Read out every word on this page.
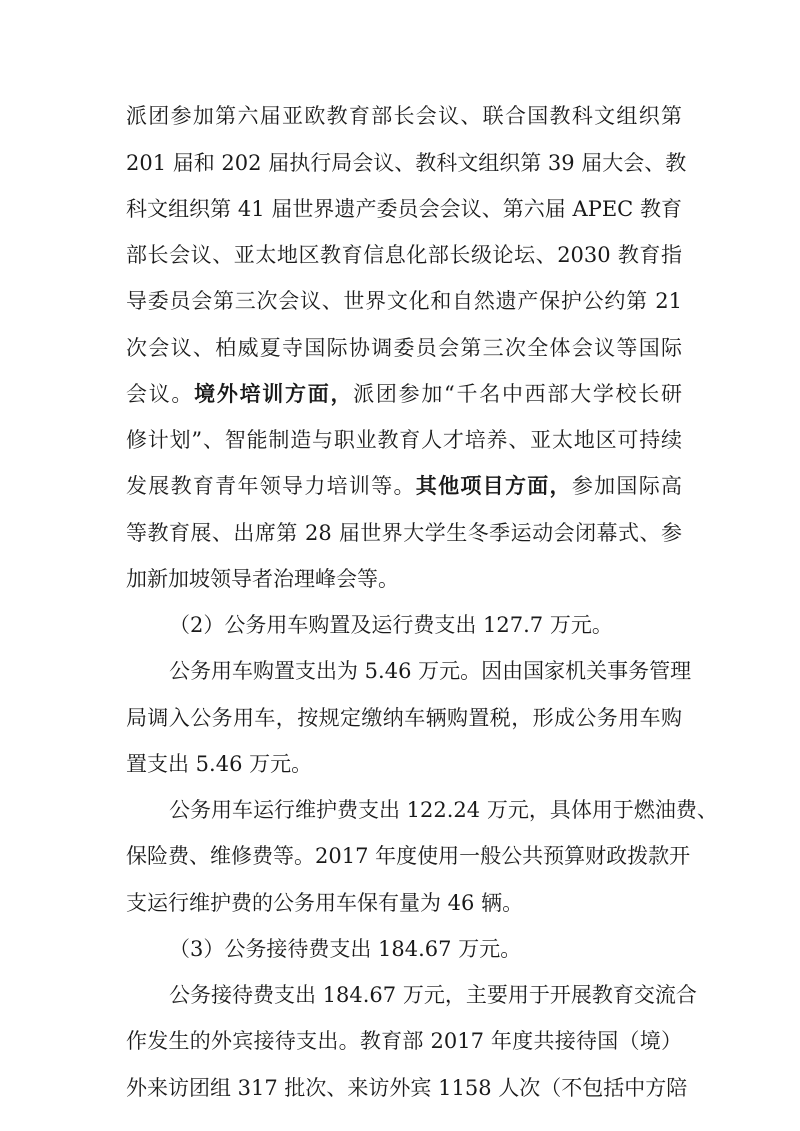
派团参加第六届亚欧教育部长会议、联合国教科文组织第
201 届和 202 届执行局会议、教科文组织第 39 届大会、教
科文组织第 41 届世界遗产委员会会议、第六届 APEC 教育
部长会议、亚太地区教育信息化部长级论坛、2030 教育指
导委员会第三次会议、世界文化和自然遗产保护公约第 21
次会议、柏威夏寺国际协调委员会第三次全体会议等国际
会议。境外培训方面，派团参加“千名中西部大学校长研
修计划”、智能制造与职业教育人才培养、亚太地区可持续
发展教育青年领导力培训等。其他项目方面，参加国际高
等教育展、出席第 28 届世界大学生冬季运动会闭幕式、参
加新加坡领导者治理峰会等。
（2）公务用车购置及运行费支出 127.7 万元。
公务用车购置支出为 5.46 万元。因由国家机关事务管理
局调入公务用车，按规定缴纳车辆购置税，形成公务用车购
置支出 5.46 万元。
公务用车运行维护费支出 122.24 万元，具体用于燃油费、
保险费、维修费等。2017 年度使用一般公共预算财政拨款开
支运行维护费的公务用车保有量为 46 辆。
（3）公务接待费支出 184.67 万元。
公务接待费支出 184.67 万元，主要用于开展教育交流合
作发生的外宾接待支出。教育部 2017 年度共接待国（境）
外来访团组 317 批次、来访外宾 1158 人次（不包括中方陪
